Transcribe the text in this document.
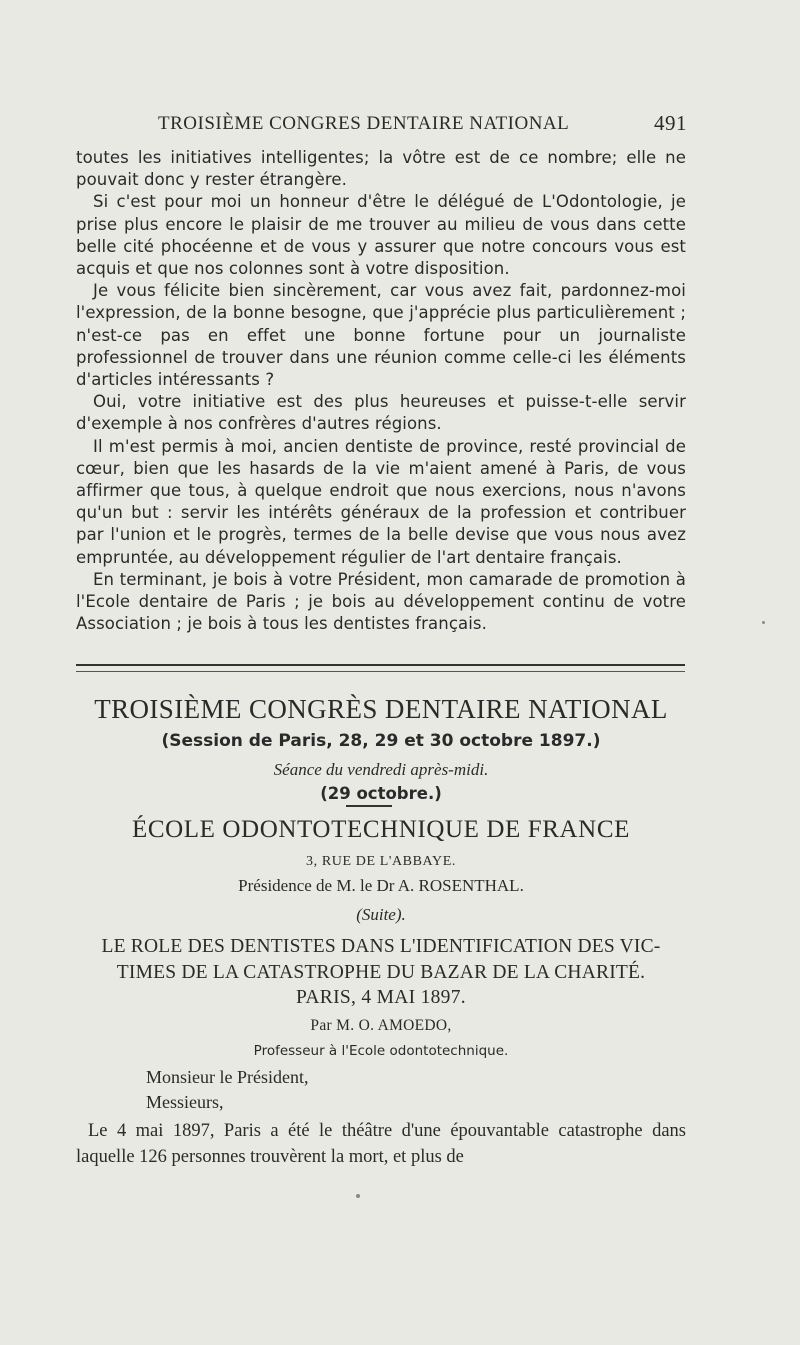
TROISIÈME CONGRES DENTAIRE NATIONAL	491

toutes les initiatives intelligentes; la vôtre est de ce nombre; elle ne pouvait donc y rester étrangère.

Si c'est pour moi un honneur d'être le délégué de L'Odontologie, je prise plus encore le plaisir de me trouver au milieu de vous dans cette belle cité phocéenne et de vous y assurer que notre concours vous est acquis et que nos colonnes sont à votre disposition.

Je vous félicite bien sincèrement, car vous avez fait, pardonnez-moi l'expression, de la bonne besogne, que j'apprécie plus particulièrement ; n'est-ce pas en effet une bonne fortune pour un journaliste professionnel de trouver dans une réunion comme celle-ci les éléments d'articles intéressants ?

Oui, votre initiative est des plus heureuses et puisse-t-elle servir d'exemple à nos confrères d'autres régions.

Il m'est permis à moi, ancien dentiste de province, resté provincial de cœur, bien que les hasards de la vie m'aient amené à Paris, de vous affirmer que tous, à quelque endroit que nous exercions, nous n'avons qu'un but : servir les intérêts généraux de la profession et contribuer par l'union et le progrès, termes de la belle devise que vous nous avez empruntée, au développement régulier de l'art dentaire français.

En terminant, je bois à votre Président, mon camarade de promotion à l'Ecole dentaire de Paris ; je bois au développement continu de votre Association ; je bois à tous les dentistes français.

TROISIÈME CONGRÈS DENTAIRE NATIONAL
(Session de Paris, 28, 29 et 30 octobre 1897.)
Séance du vendredi après-midi.
(29 octobre.)
ÉCOLE ODONTOTECHNIQUE DE FRANCE
3, RUE DE L'ABBAYE.
Présidence de M. le Dr A. ROSENTHAL.
(Suite).
LE ROLE DES DENTISTES DANS L'IDENTIFICATION DES VIC-
TIMES DE LA CATASTROPHE DU BAZAR DE LA CHARITÉ.
PARIS, 4 MAI 1897.
Par M. O. AMOEDO,
Professeur à l'Ecole odontotechnique.
Monsieur le Président,
Messieurs,
Le 4 mai 1897, Paris a été le théâtre d'une épouvantable catastrophe dans laquelle 126 personnes trouvèrent la mort, et plus de
